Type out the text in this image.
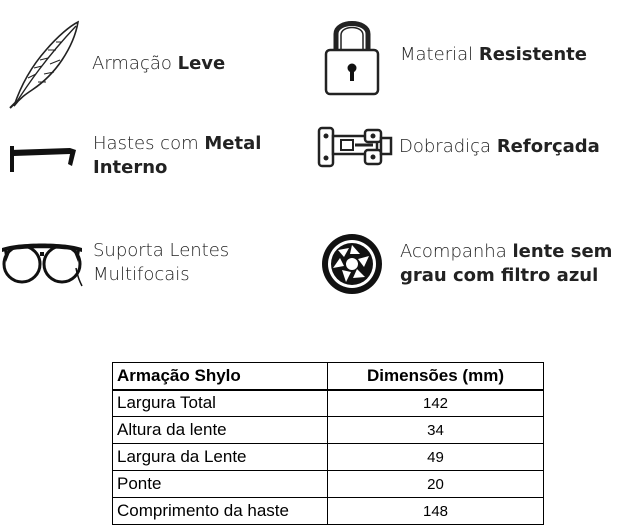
Armação Leve	Material Resistente
Hastes com Metal Interno
Dobradiça Reforçada
Suporta Lentes Multifocais
Acompanha lente sem grau com filtro azul
Armação Shylo	Dimensões (mm)
Largura Total	142
Altura da lente	34
Largura da Lente	49
Ponte	20
Comprimento da haste	148
